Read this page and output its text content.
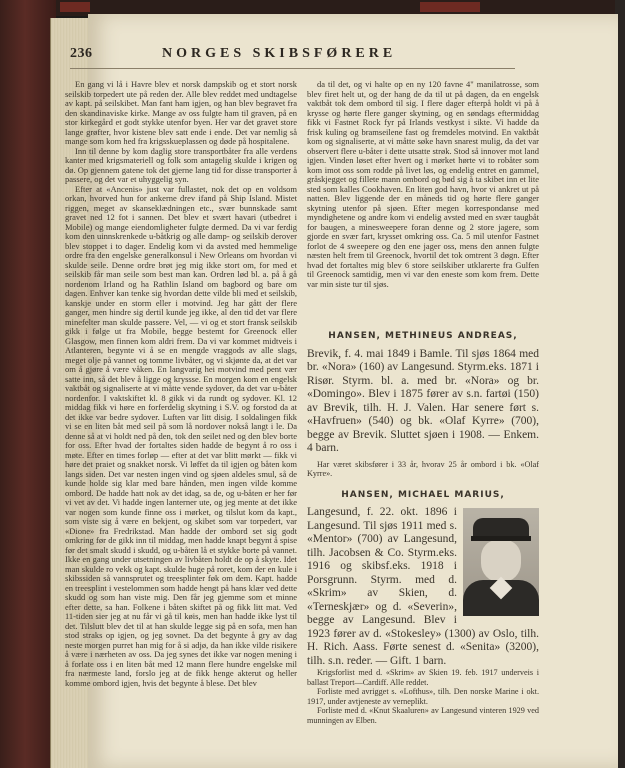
236	NORGES SKIBSFØRERE

En gang vi lå i Havre blev et norsk dampskib og et stort norsk seilskib torpedert ute på reden der. Alle blev reddet med undtagelse av kapt. på seilskibet. Man fant ham igjen, og han blev begravet fra den skandinaviske kirke. Mange av oss fulgte ham til graven, på en stor kirkegård et godt stykke utenfor byen. Her var det gravet store lange grøfter, hvor kistene blev satt ende i ende. Det var nemlig så mange som kom hed fra krigsskueplassen og døde på hospitalene.

Inn til denne by kom daglig store transportbåter fra alle verdens kanter med krigsmateriell og folk som antagelig skulde i krigen og dø. Op gjennem gatene tok det gjerne lang tid for disse transporter å passere, og det var et uhyggelig syn.

Efter at «Ancenis» just var fullastet, nok det op en voldsom orkan, hvorved hun for ankerne drev ifand på Ship Island. Mistet riggen, meget av skanseklædningen etc., svær bunnskade samt gravet ned 12 fot i sannen. Det blev et svært havari (utbedret i Mobile) og mange eiendomligheter fulgte dermed. Da vi var ferdig kom den uinnskrenkede u-båtkrig og alle damp- og seilskib derover blev stoppet i to dager. Endelig kom vi da avsted med hemmelige ordre fra den engelske generalkonsul i New Orleans om hvordan vi skulde seile. Denne ordre brøt jeg mig ikke stort om, for med et seilskib får man seile som best man kan. Ordren lød bl. a. på å gå nordenom Irland og ha Rathlin Island om bagbord og bare om dagen. Enhver kan tenke sig hvordan dette vilde bli med et seilskib, kanskje under en storm eller i motvind. Jeg har gått der flere ganger, men hindre sig dertil kunde jeg ikke, al den tid det var flere minefelter man skulde passere. Vel, — vi og et stort fransk seilskib gikk i følge ut fra Mobile, begge bestemt for Greenock eller Glasgow, men finnen kom aldri frem. Da vi var kommet midtveis i Atlanteren, begynte vi å se en mengde vraggods av alle slags, meget olje på vannet og tomme livbåter, og vi skjønte da, at det var om å gjøre å være våken. En langvarig hei motvind med pent vær satte inn, så det blev å ligge og kryssse. En morgen kom en engelsk vaktbåt og signaliserte at vi måtte vende sydover, da det var u-båter nordenfor. I vaktskiftet kl. 8 gikk vi da rundt og sydover. Kl. 12 middag fikk vi høre en forferdelig skytning i S.V. og forstod da at det ikke var bedre sydover. Luften var litt disig. I soldalingen fikk vi se en liten båt med seil på som lå nordover nokså langt i le. Da denne så at vi holdt ned på den, tok den seilet ned og den blev borte for oss. Efter hvad der fortaltes siden hadde de begynt å ro oss i møte. Efter en times forløp — efter at det var blitt mørkt — fikk vi høre det praiet og snakket norsk. Vi løffet da til igjen og båten kom langs siden. Det var nesten ingen vind og sjøen aldeles smul, så de kunde holde sig klar med bare hånden, men ingen vilde komme ombord. De hadde hatt nok av det idag, sa de, og u-båten er her før vi vet av det. Vi hadde ingen lanterner ute, og jeg mente at det ikke var nogen som kunde finne oss i mørket, og tilslut kom da kapt., som viste sig å være en bekjent, og skibet som var torpedert, var «Dione» fra Fredrikstad. Man hadde der ombord set sig godt omkring før de gikk inn til middag, men hadde knapt begynt å spise før det smalt skudd i skudd, og u-båten lå et stykke borte på vannet. Ikke en gang under utsetningen av livbåten holdt de op å skyte. Idet man skulde ro vekk og kapt. skulde huge på roret, kom der en kule i skibssiden så vannsprutet og treesplinter føk om dem. Kapt. hadde en treesplint i vestelommen som hadde hengt på hans klær ved dette skudd og som han viste mig. Den får jeg gjemme som et minne efter dette, sa han. Folkene i båten skiftet på og fikk litt mat. Ved 11-tiden sier jeg at nu får vi gå til køis, men han hadde ikke lyst til det. Tilslutt blev det til at han skulde legge sig på en sofa, men han stod straks op igjen, og jeg sovnet. Da det begynte å gry av dag neste morgen purret han mig for å si adjø, da han ikke vilde risikere å være i nærheten av oss. Da jeg synes det ikke var nogen mening i å forlate oss i en liten båt med 12 mann flere hundre engelske mil fra nærmeste land, forslo jeg at de fikk henge akterut og heller komme ombord igjen, hvis det begynte å blese. Det blev

da til det, og vi halte op en ny 120 favne 4" manilatrosse, som blev firet helt ut, og der hang de da til ut på dagen, da en engelsk vaktbåt tok dem ombord til sig. I flere dager efterpå holdt vi på å krysse og hørte flere ganger skytning, og en søndags eftermiddag fikk vi Fastnet Rock fyr på Irlands vestkyst i sikte. Vi hadde da frisk kuling og bramseilene fast og fremdeles motvind. En vaktbåt kom og signaliserte, at vi måtte søke havn snarest mulig, da det var observert flere u-båter i dette utsatte strøk. Stod så innover mot land igjen. Vinden løset efter hvert og i mørket hørte vi to robåter som kom imot oss som rodde på livet løs, og endelig entret en gammel, gråskjegget og fillete mann ombord og bød sig å ta skibet inn et lite sted som kalles Cookhaven. En liten god havn, hvor vi ankret ut på natten. Blev liggende der en måneds tid og hørte flere ganger skytning utenfor på sjøen. Efter megen korrespondanse med myndighetene og andre kom vi endelig avsted med en svær taugbåt for baugen, a minesweepere foran denne og 2 store jagere, som gjorde en svær fart, krysset omkring oss. Ca. 5 mil utenfor Fastnet forlot de 4 sweepere og den ene jager oss, mens den annen fulgte næsten helt frem til Greenock, hvortil det tok omtrent 3 døgn. Efter hvad det fortaltes mig blev 6 store seilskiber utklarerte fra Gulfen til Greenock samtidig, men vi var den eneste som kom frem. Dette var min siste tur til sjøs.

HANSEN, METHINEUS ANDREAS,
Brevik, f. 4. mai 1849 i Bamle. Til sjøs 1864 med br. «Nora» (160) av Langesund. Styrm.eks. 1871 i Risør. Styrm. bl. a. med br. «Nora» og br. «Domingo». Blev i 1875 fører av s.n. fartøi (150) av Brevik, tilh. H. J. Valen. Har senere ført s. «Havfruen» (540) og bk. «Olaf Kyrre» (700), begge av Brevik. Sluttet sjøen i 1908. — Enkem. 4 barn.
Har været skibsfører i 33 år, hvorav 25 år ombord i bk. «Olaf Kyrre».
HANSEN, MICHAEL MARIUS,
Langesund, f. 22. okt. 1896 i Langesund. Til sjøs 1911 med s. «Mentor» (700) av Langesund, tilh. Jacobsen & Co. Styrm.eks. 1916 og skibsf.eks. 1918 i Porsgrunn. Styrm. med d. «Skrim» av Skien, d. «Terneskjær» og d. «Severin», begge av Langesund. Blev i 1923 fører av d. «Stokesley» (1300) av Oslo, tilh. H. Rich. Aass. Førte senest d. «Senita» (3200), tilh. s.n. reder. — Gift. 1 barn.

Krigsforlist med d. «Skrim» av Skien 19. feb. 1917 underveis i ballast Treport—Cardiff. Alle reddet.

Forliste med avrigget s. «Lofthus», tilh. Den norske Marine i okt. 1917, under avtjeneste av verneplikt.

Forliste med d. «Knut Skaaluren» av Langesund vinteren 1929 ved munningen av Elben.
